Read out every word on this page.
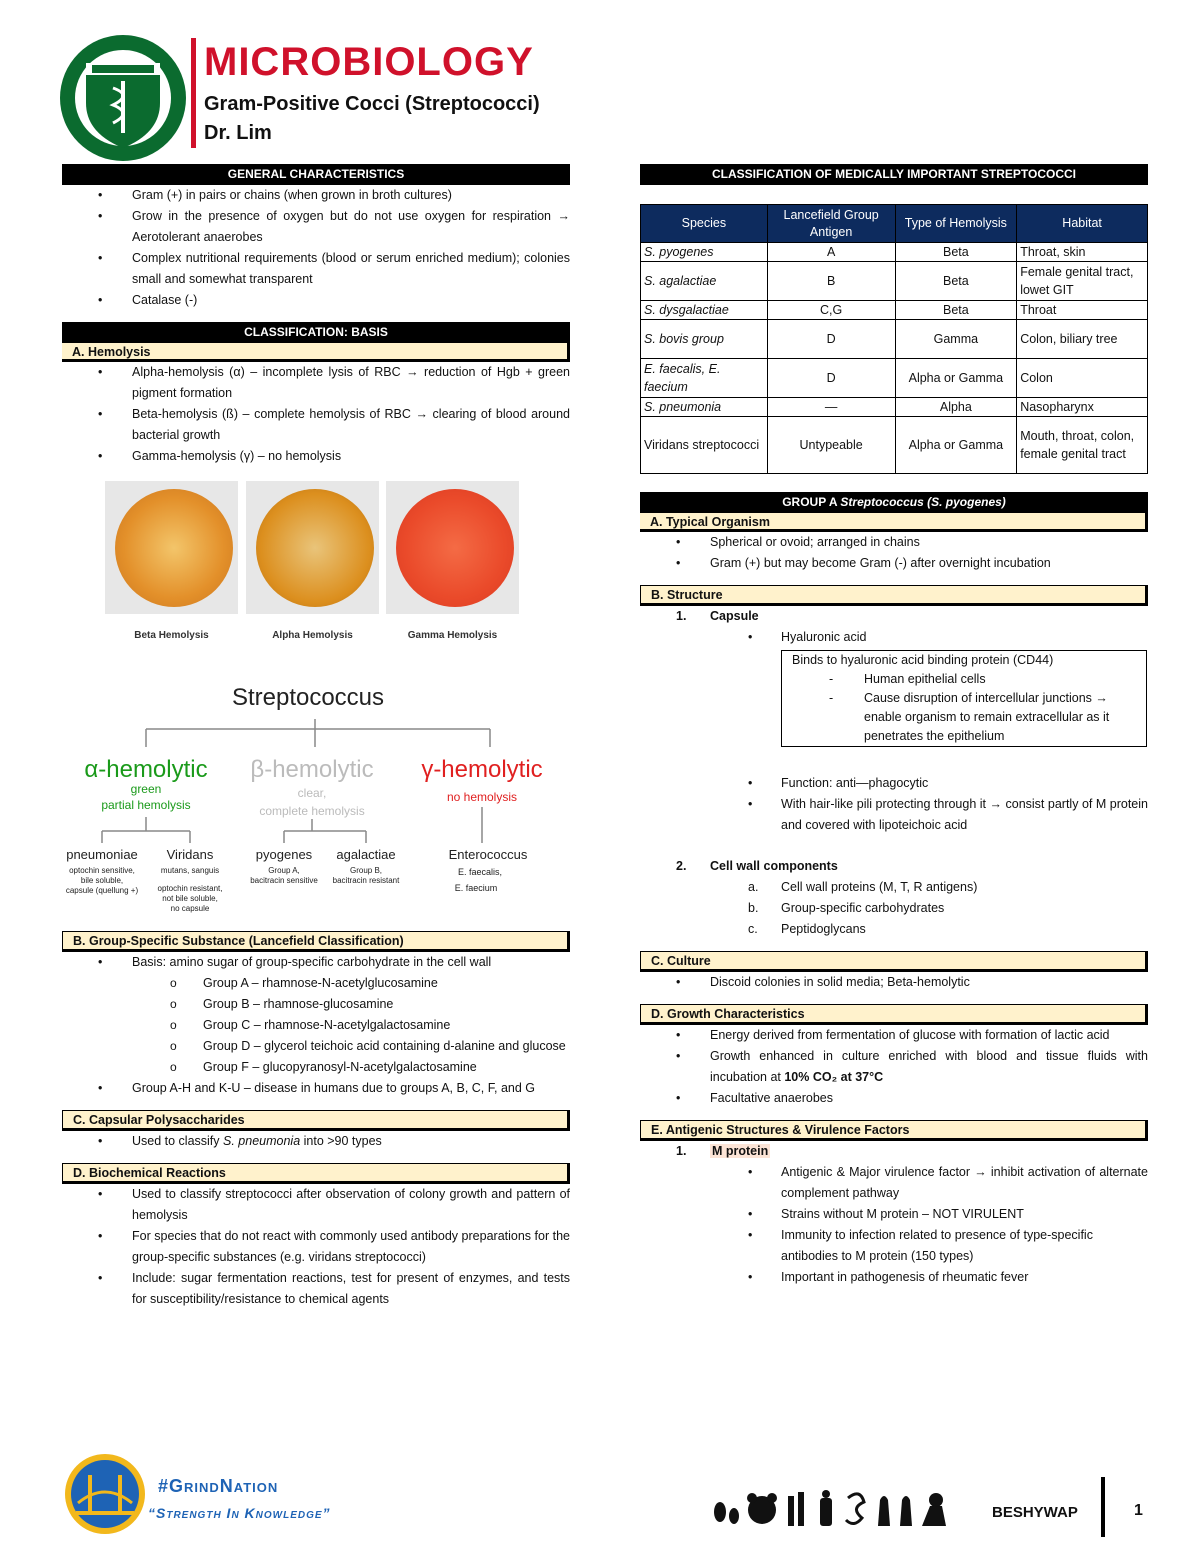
MICROBIOLOGY
Gram-Positive Cocci (Streptococci)
Dr. Lim
GENERAL CHARACTERISTICS
• Gram (+) in pairs or chains (when grown in broth cultures)
• Grow in the presence of oxygen but do not use oxygen for respiration → Aerotolerant anaerobes
• Complex nutritional requirements (blood or serum enriched medium); colonies small and somewhat transparent
• Catalase (-)
CLASSIFICATION: BASIS
A. Hemolysis
• Alpha-hemolysis (α) – incomplete lysis of RBC → reduction of Hgb + green pigment formation
• Beta-hemolysis (ß) – complete hemolysis of RBC → clearing of blood around bacterial growth
• Gamma-hemolysis (γ) – no hemolysis
Beta Hemolysis	Alpha Hemolysis	Gamma Hemolysis
Streptococcus
α-hemolytic
green
partial hemolysis
β-hemolytic
clear,
complete hemolysis
γ-hemolytic
no hemolysis
pneumoniae
optochin sensitive,
bile soluble,
capsule (quellung +)
Viridans
mutans, sanguis
optochin resistant,
not bile soluble,
no capsule
pyogenes
Group A,
bacitracin sensitive
agalactiae
Group B,
bacitracin resistant
Enterococcus
E. faecalis,
E. faecium
B. Group-Specific Substance (Lancefield Classification)
• Basis: amino sugar of group-specific carbohydrate in the cell wall
o Group A – rhamnose-N-acetylglucosamine
o Group B – rhamnose-glucosamine
o Group C – rhamnose-N-acetylgalactosamine
o Group D – glycerol teichoic acid containing d-alanine and glucose
o Group F – glucopyranosyl-N-acetylgalactosamine
• Group A-H and K-U – disease in humans due to groups A, B, C, F, and G
C. Capsular Polysaccharides
• Used to classify S. pneumonia into >90 types
D. Biochemical Reactions
• Used to classify streptococci after observation of colony growth and pattern of hemolysis
• For species that do not react with commonly used antibody preparations for the group-specific substances (e.g. viridans streptococci)
• Include: sugar fermentation reactions, test for present of enzymes, and tests for susceptibility/resistance to chemical agents
CLASSIFICATION OF MEDICALLY IMPORTANT STREPTOCOCCI
Species	Lancefield Group Antigen	Type of Hemolysis	Habitat
S. pyogenes	A	Beta	Throat, skin
S. agalactiae	B	Beta	Female genital tract, lowet GIT
S. dysgalactiae	C,G	Beta	Throat
S. bovis group	D	Gamma	Colon, biliary tree
E. faecalis, E. faecium	D	Alpha or Gamma	Colon
S. pneumonia	—	Alpha	Nasopharynx
Viridans streptococci	Untypeable	Alpha or Gamma	Mouth, throat, colon, female genital tract
GROUP A Streptococcus (S. pyogenes)
A. Typical Organism
• Spherical or ovoid; arranged in chains
• Gram (+) but may become Gram (-) after overnight incubation
B. Structure
1. Capsule
• Hyaluronic acid
Binds to hyaluronic acid binding protein (CD44)
- Human epithelial cells
- Cause disruption of intercellular junctions → enable organism to remain extracellular as it penetrates the epithelium
• Function: anti—phagocytic
• With hair-like pili protecting through it → consist partly of M protein and covered with lipoteichoic acid
2. Cell wall components
a. Cell wall proteins (M, T, R antigens)
b. Group-specific carbohydrates
c. Peptidoglycans
C. Culture
• Discoid colonies in solid media; Beta-hemolytic
D. Growth Characteristics
• Energy derived from fermentation of glucose with formation of lactic acid
• Growth enhanced in culture enriched with blood and tissue fluids with incubation at 10% CO₂ at 37°C
• Facultative anaerobes
E. Antigenic Structures & Virulence Factors
1. M protein
• Antigenic & Major virulence factor → inhibit activation of alternate complement pathway
• Strains without M protein – NOT VIRULENT
• Immunity to infection related to presence of type-specific antibodies to M protein (150 types)
• Important in pathogenesis of rheumatic fever
#GrindNation
“Strength In Knowledge”	BESHYWAP	1
